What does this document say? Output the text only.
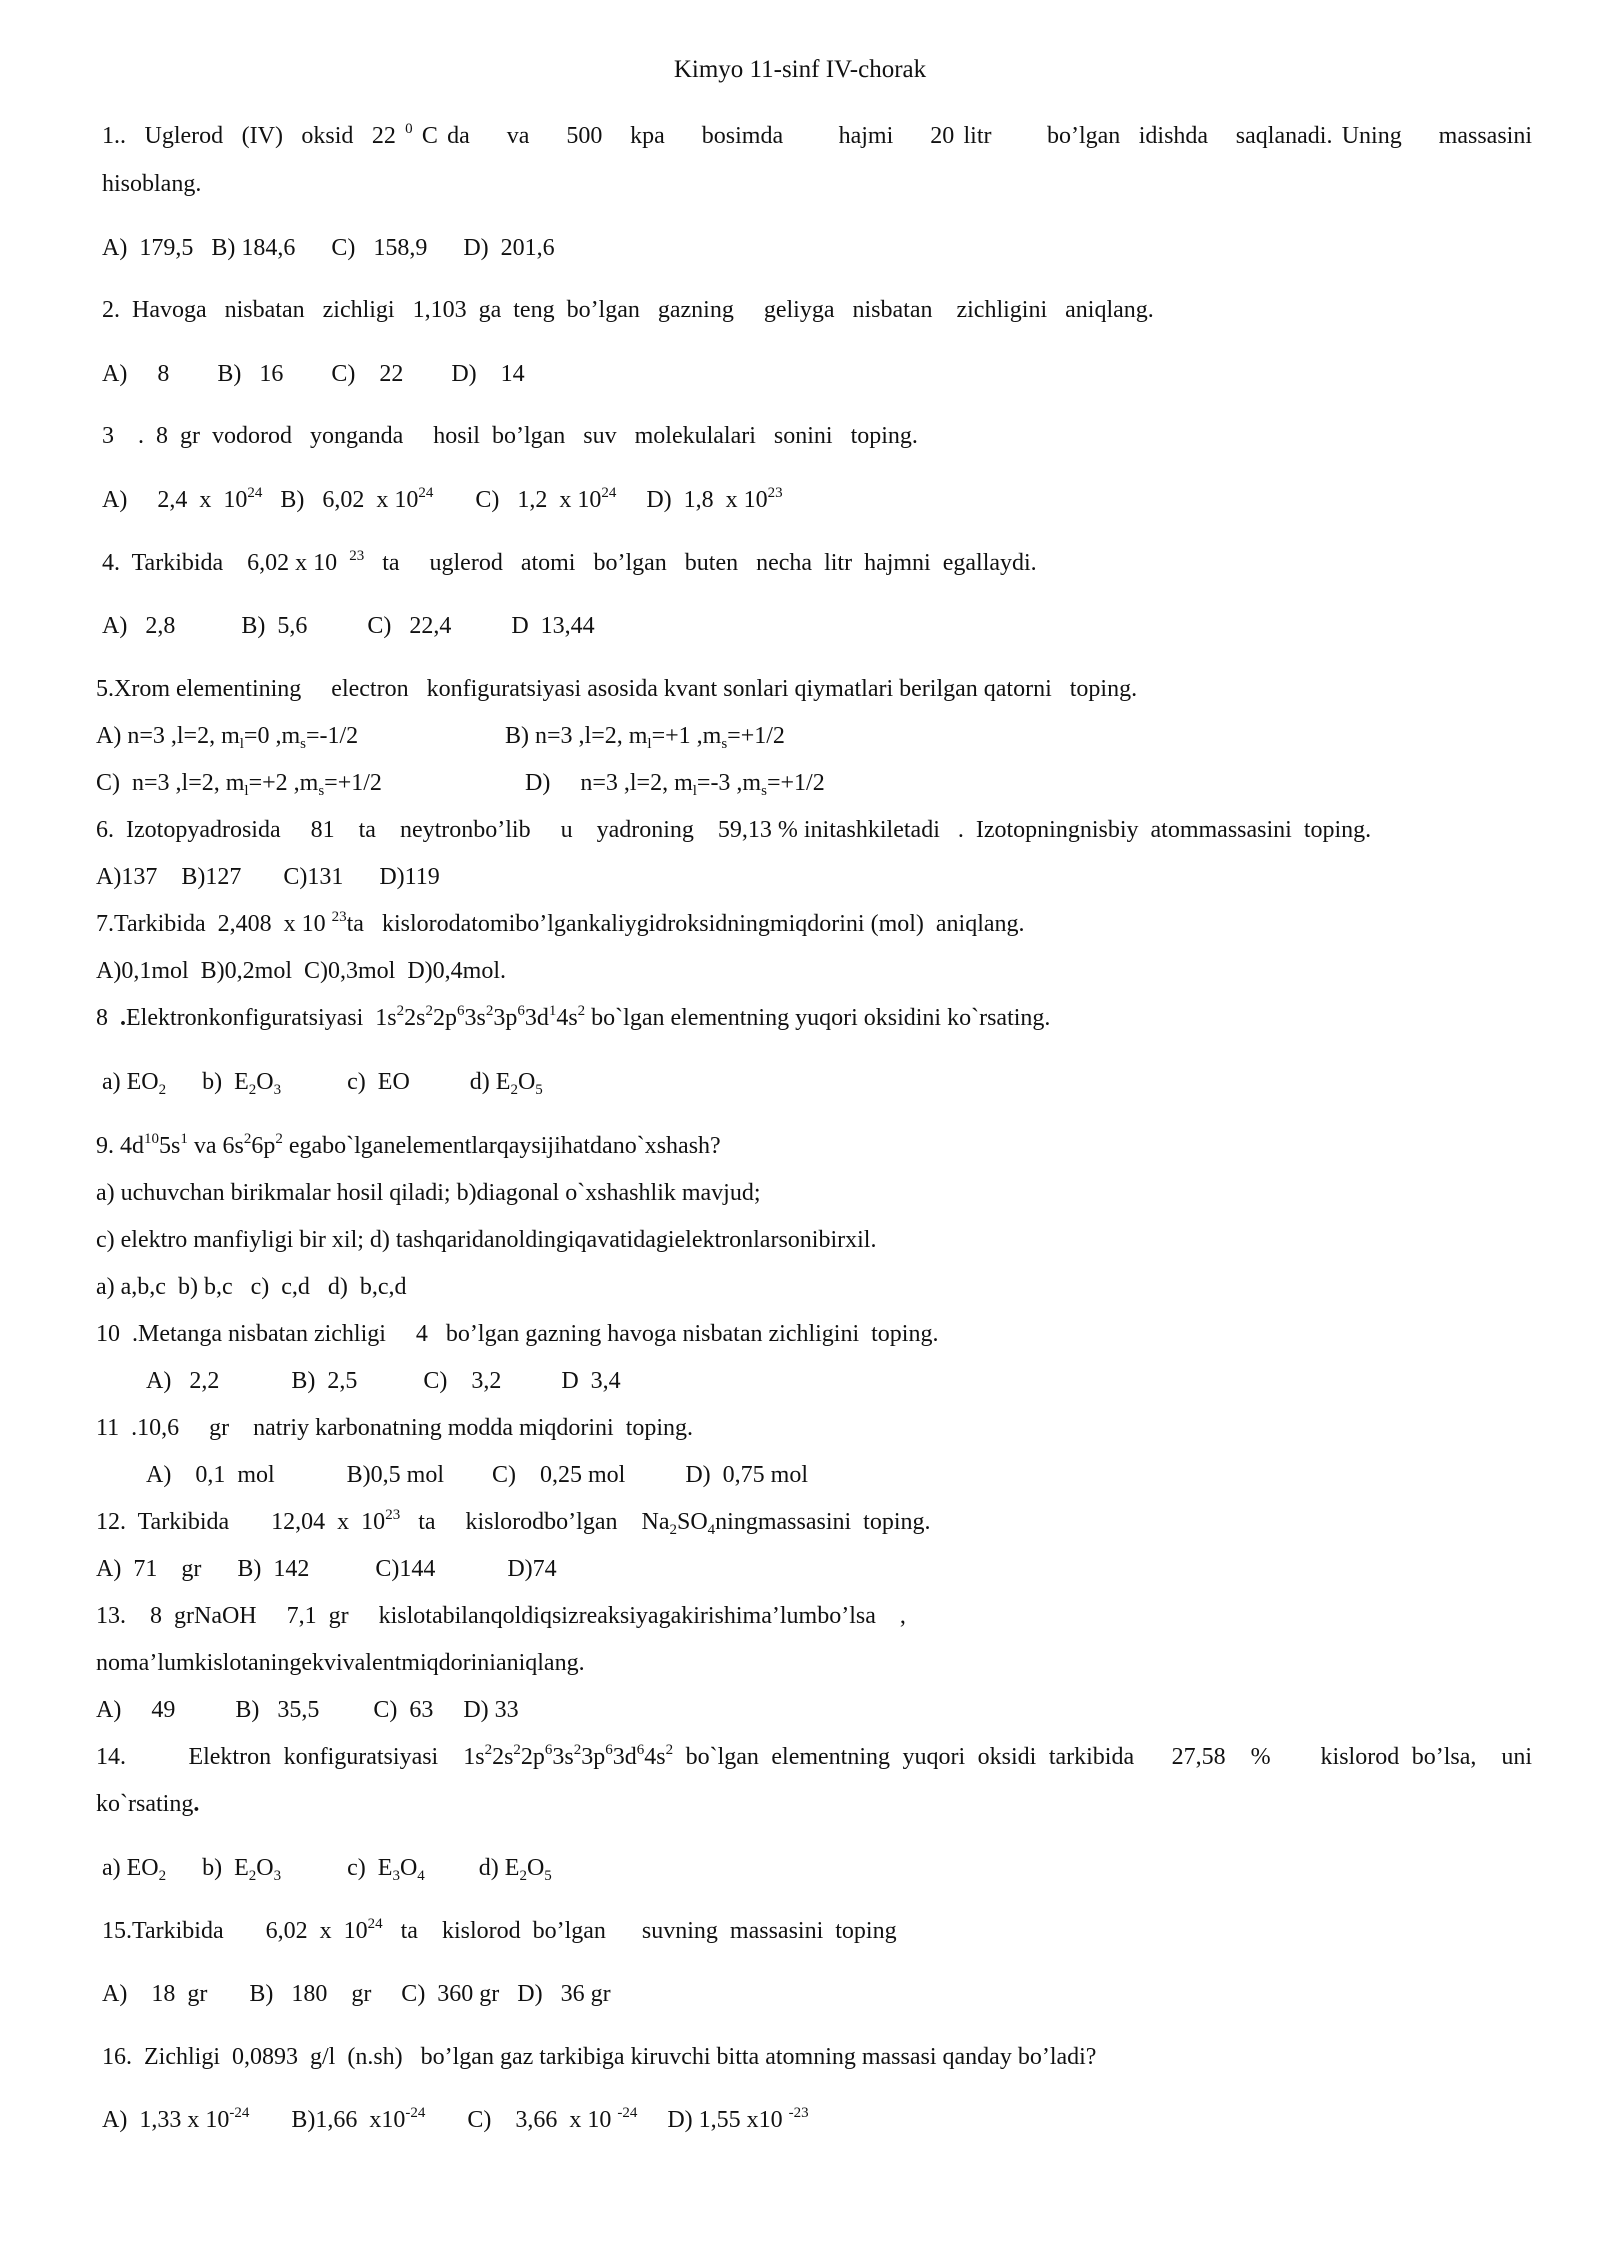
Kimyo 11-sinf IV-chorak
1..  Uglerod  (IV)  oksid  22 $^0$ C da    va    500   kpa    bosimda      hajmi    20 litr      bo’lgan  idishda   saqlanadi. Uning    massasini
hisoblang.
A)  179,5   B) 184,6      C)   158,9      D)  201,6
2.  Havoga   nisbatan   zichligi   1,103  ga  teng  bo’lgan   gazning     geliyga   nisbatan    zichligini   aniqlang.
A)     8        B)   16        C)    22        D)    14
3    .  8  gr  vodorod   yonganda     hosil  bo’lgan   suv   molekulalari   sonini   toping.
A)     2,4  x  $10^{24}$   B)   6,02  x $10^{24}$       C)   1,2  x $10^{24}$     D)  1,8  x $10^{23}$
4.  Tarkibida    6,02 x 10  $^{23}$   ta     uglerod   atomi   bo’lgan   buten   necha  litr  hajmni  egallaydi.
A)   2,8           B)  5,6          C)   22,4          D  13,44
5.Xrom elementining     electron   konfiguratsiyasi asosida kvant sonlari qiymatlari berilgan qatorni   toping.
A) n=3 ,l=2, $m_l=0$ $,m_s=-1/2$	B) n=3 ,l=2, $m_l=+1$ $,m_s=+1/2$
C)  n=3 ,l=2, $m_l=+2$ $,m_s=+1/2$	D)     n=3 ,l=2, $m_l=-3$ $,m_s=+1/2$
6.  Izotopyadrosida     81    ta    neytronbo’lib     u    yadroning    59,13 % initashkiletadi   .  Izotopningnisbiy  atommassasini  toping.
A)137    B)127       C)131      D)119
7.Tarkibida  2,408  x 10 $^{23}$ta   kislorodatomibo’lgankaliygidroksidningmiqdorini (mol)  aniqlang.
A)0,1mol  B)0,2mol  C)0,3mol  D)0,4mol.
8  .Elektronkonfiguratsiyasi  $1s^22s^22p^63s^23p^63d^14s^2$ bo`lgan elementning yuqori oksidini ko`rsating.
a) $EO_2$      b)  $E_2O_3$           c)  EO          d) $E_2O_5$
9. $4d^{10}5s^1$ va $6s^26p^2$ egabo`lganelementlarqaysijihatdano`xshash?
a) uchuvchan birikmalar hosil qiladi; b)diagonal o`xshashlik mavjud;
c) elektro manfiyligi bir xil; d) tashqaridanoldingiqavatidagielektronlarsonibirxil.
a) a,b,c  b) b,c   c)  c,d   d)  b,c,d
10  .Metanga nisbatan zichligi     4   bo’lgan gazning havoga nisbatan zichligini  toping.
A)   2,2            B)  2,5           C)    3,2          D  3,4
11  .10,6     gr    natriy karbonatning modda miqdorini  toping.
A)    0,1  mol            B)0,5 mol        C)    0,25 mol          D)  0,75 mol
12.  Tarkibida       12,04  x  $10^{23}$   ta     kislorodbo’lgan    $Na_2SO_4ningmassasini$  toping.
A)  71    gr      B)  142           C)144            D)74
13.    8  grNaOH     7,1  gr     kislotabilanqoldiqsizreaksiyagakirishima’lumbo’lsa    ,
noma’lumkislotaningekvivalentmiqdorinianiqlang.
A)     49          B)   35,5         C)  63     D) 33
14.     Elektron konfiguratsiyasi  $1s^22s^22p^63s^23p^63d^64s^2$ bo`lgan elementning yuqori oksidi tarkibida   27,58  %    kislorod bo’lsa,  uni
ko`rsating.
a) $EO_2$      b)  $E_2O_3$           c)  $E_3O_4$         d) $E_2O_5$
15.Tarkibida       6,02  x  $10^{24}$   ta    kislorod  bo’lgan      suvning  massasini  toping
A)    18  gr       B)   180    gr     C)  360 gr   D)   36 gr
16.  Zichligi  0,0893  g/l  (n.sh)   bo’lgan gaz tarkibiga kiruvchi bitta atomning massasi qanday bo’ladi?
A)  1,33 x $10^{-24}$       B)1,66  $x10^{-24}$       C)    3,66  x 10 $^{-24}$     D) 1,55 x10 $^{-23}$
